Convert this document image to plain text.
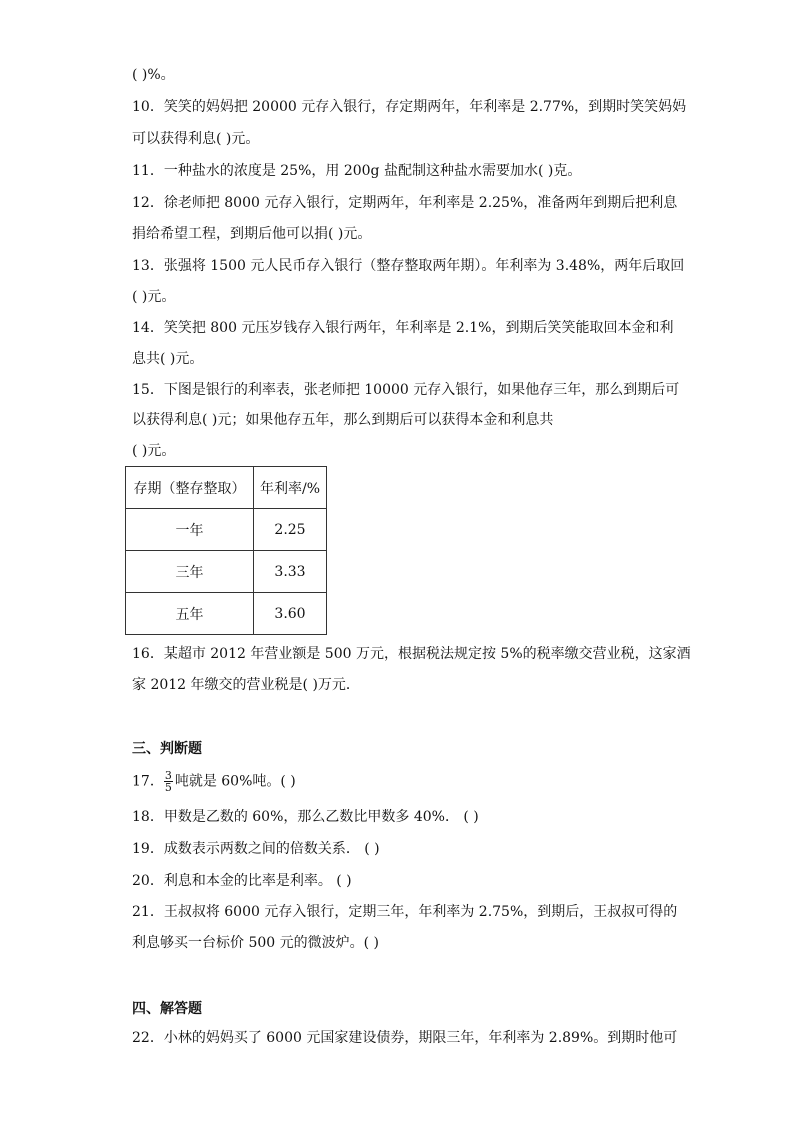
( )%。
10．笑笑的妈妈把 20000 元存入银行，存定期两年，年利率是 2.77%，到期时笑笑妈妈
可以获得利息( )元。
11．一种盐水的浓度是 25%，用 200g 盐配制这种盐水需要加水( )克。
12．徐老师把 8000 元存入银行，定期两年，年利率是 2.25%，准备两年到期后把利息
捐给希望工程，到期后他可以捐( )元。
13．张强将 1500 元人民币存入银行（整存整取两年期）。年利率为 3.48%，两年后取回
( )元。
14．笑笑把 800 元压岁钱存入银行两年，年利率是 2.1%，到期后笑笑能取回本金和利
息共( )元。
15．下图是银行的利率表，张老师把 10000 元存入银行，如果他存三年，那么到期后可
以获得利息( )元；如果他存五年，那么到期后可以获得本金和利息共
( )元。
存期（整存整取）	年利率/%
一年	2.25
三年	3.33
五年	3.60
16．某超市 2012 年营业额是 500 万元，根据税法规定按 5%的税率缴交营业税，这家酒
家 2012 年缴交的营业税是( )万元．
三、判断题
17． $\frac{3}{5}$ 吨就是 60%吨。( )
18．甲数是乙数的 60%，那么乙数比甲数多 40%． ( )
19．成数表示两数之间的倍数关系． ( )
20．利息和本金的比率是利率。 ( )
21．王叔叔将 6000 元存入银行，定期三年，年利率为 2.75%，到期后，王叔叔可得的
利息够买一台标价 500 元的微波炉。( )
四、解答题
22．小林的妈妈买了 6000 元国家建设债券，期限三年，年利率为 2.89%。到期时他可
